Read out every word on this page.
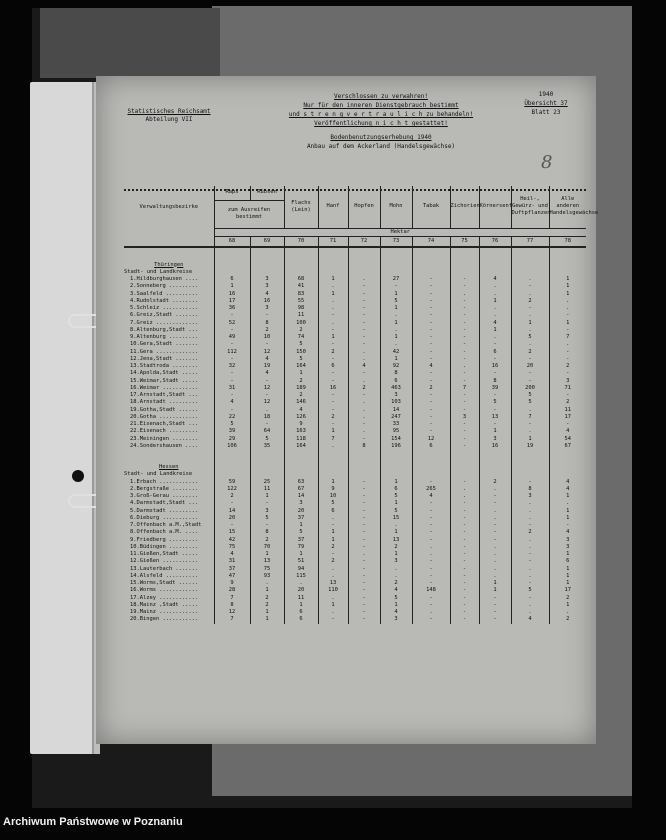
Statistisches Reichsamt
Abteilung VII
Verschlossen zu verwahren!
Nur für den inneren Dienstgebrauch bestimmt
und s t r e n g v e r t r a u l i c h zu behandeln!
Veröffentlichung n i c h t gestattet!
Bodenbenutzungserhebung 1940
Anbau auf dem Ackerland (Handelsgewächse)
1940
Übersicht 37
Blatt 23
8
Verwaltungsbezirke	Raps	Rübsen	Flachs (Lein)	Hanf	Hopfen	Mohn	Tabak	Zichorien	Körnersenf	Heil-, Gewürz- und Duftpflanzen	Alle anderen Handelsgewächse
	zum Ausreifen bestimmt										
	Hektar										
	68	69	70	71	72	73	74	75	76	77	78

Thüringen											
Stadt- und Landkreise											
1.Hildburghausen ....	6	3	68	1	.	27	-	-	4	.	1
2.Sonneberg .........	1	3	41	.	-	-	-	-	.	-	1
3.Saalfeld ..........	16	4	83	1	-	1	-	.	.	.	1
4.Rudolstadt ........	17	16	55	.	-	5	-	-	1	2	.
5.Schleiz ...........	36	3	98	.	-	1	-	-	.	-	.
6.Greiz,Stadt .......	-	-	11	-	-	.	-	-	.	.	-
7.Greiz .............	52	8	100	.	-	1	-	-	4	1	1
8.Altenburg,Stadt ...	-	2	2	-	-	.	-	-	1	.	-
9.Altenburg .........	49	10	74	1	-	1	-	-	.	5	7
10.Gera,Stadt .......	-	-	5	-	-	.	-	-	-	.	.
11.Gera .............	112	12	150	2	.	42	-	-	6	2	-
12.Jena,Stadt .......	-	4	5	-	.	1	-	-	-	-	-
13.Stadtroda ........	32	19	164	6	4	92	4	.	16	20	2
14.Apolda,Stadt .....	-	4	1	-	-	8	-	-	-	-	-
15.Weimar,Stadt .....	-	-	2	-	.	6	-	-	8	-	3
16.Weimar ...........	31	12	189	16	2	463	2	7	39	200	71
17.Arnstadt,Stadt ...	-	-	2	-	-	3	-	-	-	5	-
18.Arnstadt .........	4	12	146	-	.	103	-	-	5	5	2
19.Gotha,Stadt ......	-	.	4	-	.	14	-	-	-	.	11
20.Gotha ............	22	18	126	2	.	247	-	3	13	7	17
21.Eisenach,Stadt ...	5	-	9	-	-	33	-	-	-	-	-
22.Eisenach .........	39	64	163	1	.	95	-	-	1	.	4
23.Meiningen ........	29	5	118	7	-	154	12	-	3	1	54
24.Sondershausen ....	106	35	164	.	8	196	6	-	16	19	67

Hessen											
Stadt- und Landkreise											
1.Erbach ............	59	25	63	1	-	1	-	-	2	-	4
2.Bergstraße ........	122	11	67	9	-	6	265	.	.	8	4
3.Groß-Gerau ........	2	1	14	10	-	5	4	.	-	3	1
4.Darmstadt,Stadt ...	-	-	3	5	-	1	-	-	-	.	.
5.Darmstadt .........	14	3	20	6	-	5	-	-	.	.	1
6.Dieburg ...........	20	5	37	.	-	15	-	-	.	.	1
7.Offenbach a.M.,Stadt	-	-	1	-	-	.	-	-	-	-	-
8.Offenbach a.M. ....	15	8	5	1	-	1	-	-	-	2	4
9.Friedberg .........	42	2	37	1	-	13	-	-	-	.	3
10.Büdingen .........	75	70	79	2	-	2	.	-	.	.	3
11.Gießen,Stadt .....	4	1	1	-	.	1	.	-	.	-	1
12.Gießen ...........	31	13	51	2	-	3	-	-	.	-	6
13.Lauterbach .......	37	75	94	.	-	.	-	-	.	.	1
14.Alsfeld ..........	47	93	115	.	-	.	-	-	.	.	1
15.Worms,Stadt ......	9	.	.	13	-	2	-	-	1	-	1
16.Worms ............	28	1	20	110	-	4	148	-	1	5	17
17.Alzey ............	7	2	11	.	-	5	-	-	-	-	2
18.Mainz ,Stadt .....	8	2	1	1	-	1	-	-	-	.	1
19.Mainz ............	12	1	6	.	-	4	.	-	-	.	.
20.Bingen ...........	7	1	6	-	-	3	-	-	-	4	2
Archiwum Państwowe w Poznaniu
